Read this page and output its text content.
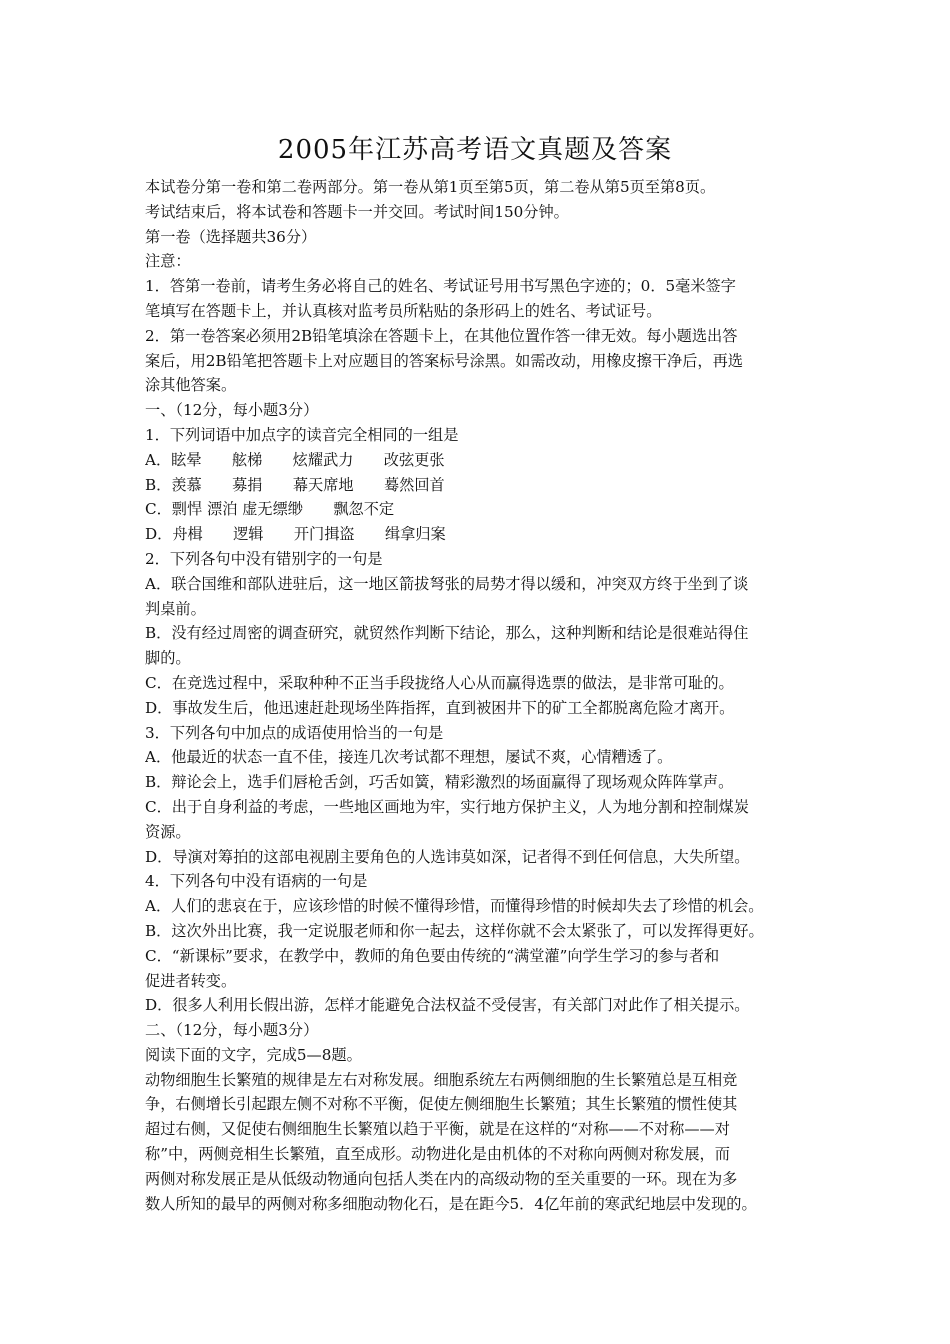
2005年江苏高考语文真题及答案
本试卷分第一卷和第二卷两部分。第一卷从第1页至第5页，第二卷从第5页至第8页。
考试结束后，将本试卷和答题卡一并交回。考试时间150分钟。
第一卷（选择题共36分）
注意：
1．答第一卷前，请考生务必将自己的姓名、考试证号用书写黑色字迹的；0．5毫米签字
笔填写在答题卡上，并认真核对监考员所粘贴的条形码上的姓名、考试证号。
2．第一卷答案必须用2B铅笔填涂在答题卡上，在其他位置作答一律无效。每小题选出答
案后，用2B铅笔把答题卡上对应题目的答案标号涂黑。如需改动，用橡皮擦干净后，再选
涂其他答案。
一、（12分，每小题3分）
1．下列词语中加点字的读音完全相同的一组是
A．眩晕　　舷梯　　炫耀武力　　改弦更张
B．羡慕　　募捐　　幕天席地　　蓦然回首
C．剽悍 漂泊 虚无缥缈　　飘忽不定
D．舟楫　　逻辑　　开门揖盗　　缉拿归案
2．下列各句中没有错别字的一句是
A．联合国维和部队进驻后，这一地区箭拔弩张的局势才得以缓和，冲突双方终于坐到了谈
判桌前。
B．没有经过周密的调查研究，就贸然作判断下结论，那么，这种判断和结论是很难站得住
脚的。
C．在竞选过程中，采取种种不正当手段拢络人心从而赢得选票的做法，是非常可耻的。
D．事故发生后，他迅速赶赴现场坐阵指挥，直到被困井下的矿工全都脱离危险才离开。
3．下列各句中加点的成语使用恰当的一句是
A．他最近的状态一直不佳，接连几次考试都不理想，屡试不爽，心情糟透了。
B．辩论会上，选手们唇枪舌剑，巧舌如簧，精彩激烈的场面赢得了现场观众阵阵掌声。
C．出于自身利益的考虑，一些地区画地为牢，实行地方保护主义，人为地分割和控制煤炭
资源。
D．导演对筹拍的这部电视剧主要角色的人选讳莫如深，记者得不到任何信息，大失所望。
4．下列各句中没有语病的一句是
A．人们的悲哀在于，应该珍惜的时候不懂得珍惜，而懂得珍惜的时候却失去了珍惜的机会。
B．这次外出比赛，我一定说服老师和你一起去，这样你就不会太紧张了，可以发挥得更好。
C．“新课标”要求，在教学中，教师的角色要由传统的“满堂灌”向学生学习的参与者和
促进者转变。
D．很多人利用长假出游，怎样才能避免合法权益不受侵害，有关部门对此作了相关提示。
二、（12分，每小题3分）
阅读下面的文字，完成5—8题。
动物细胞生长繁殖的规律是左右对称发展。细胞系统左右两侧细胞的生长繁殖总是互相竞
争，右侧增长引起跟左侧不对称不平衡，促使左侧细胞生长繁殖；其生长繁殖的惯性使其
超过右侧，又促使右侧细胞生长繁殖以趋于平衡，就是在这样的“对称——不对称——对
称”中，两侧竞相生长繁殖，直至成形。动物进化是由机体的不对称向两侧对称发展，而
两侧对称发展正是从低级动物通向包括人类在内的高级动物的至关重要的一环。现在为多
数人所知的最早的两侧对称多细胞动物化石，是在距今5．4亿年前的寒武纪地层中发现的。
